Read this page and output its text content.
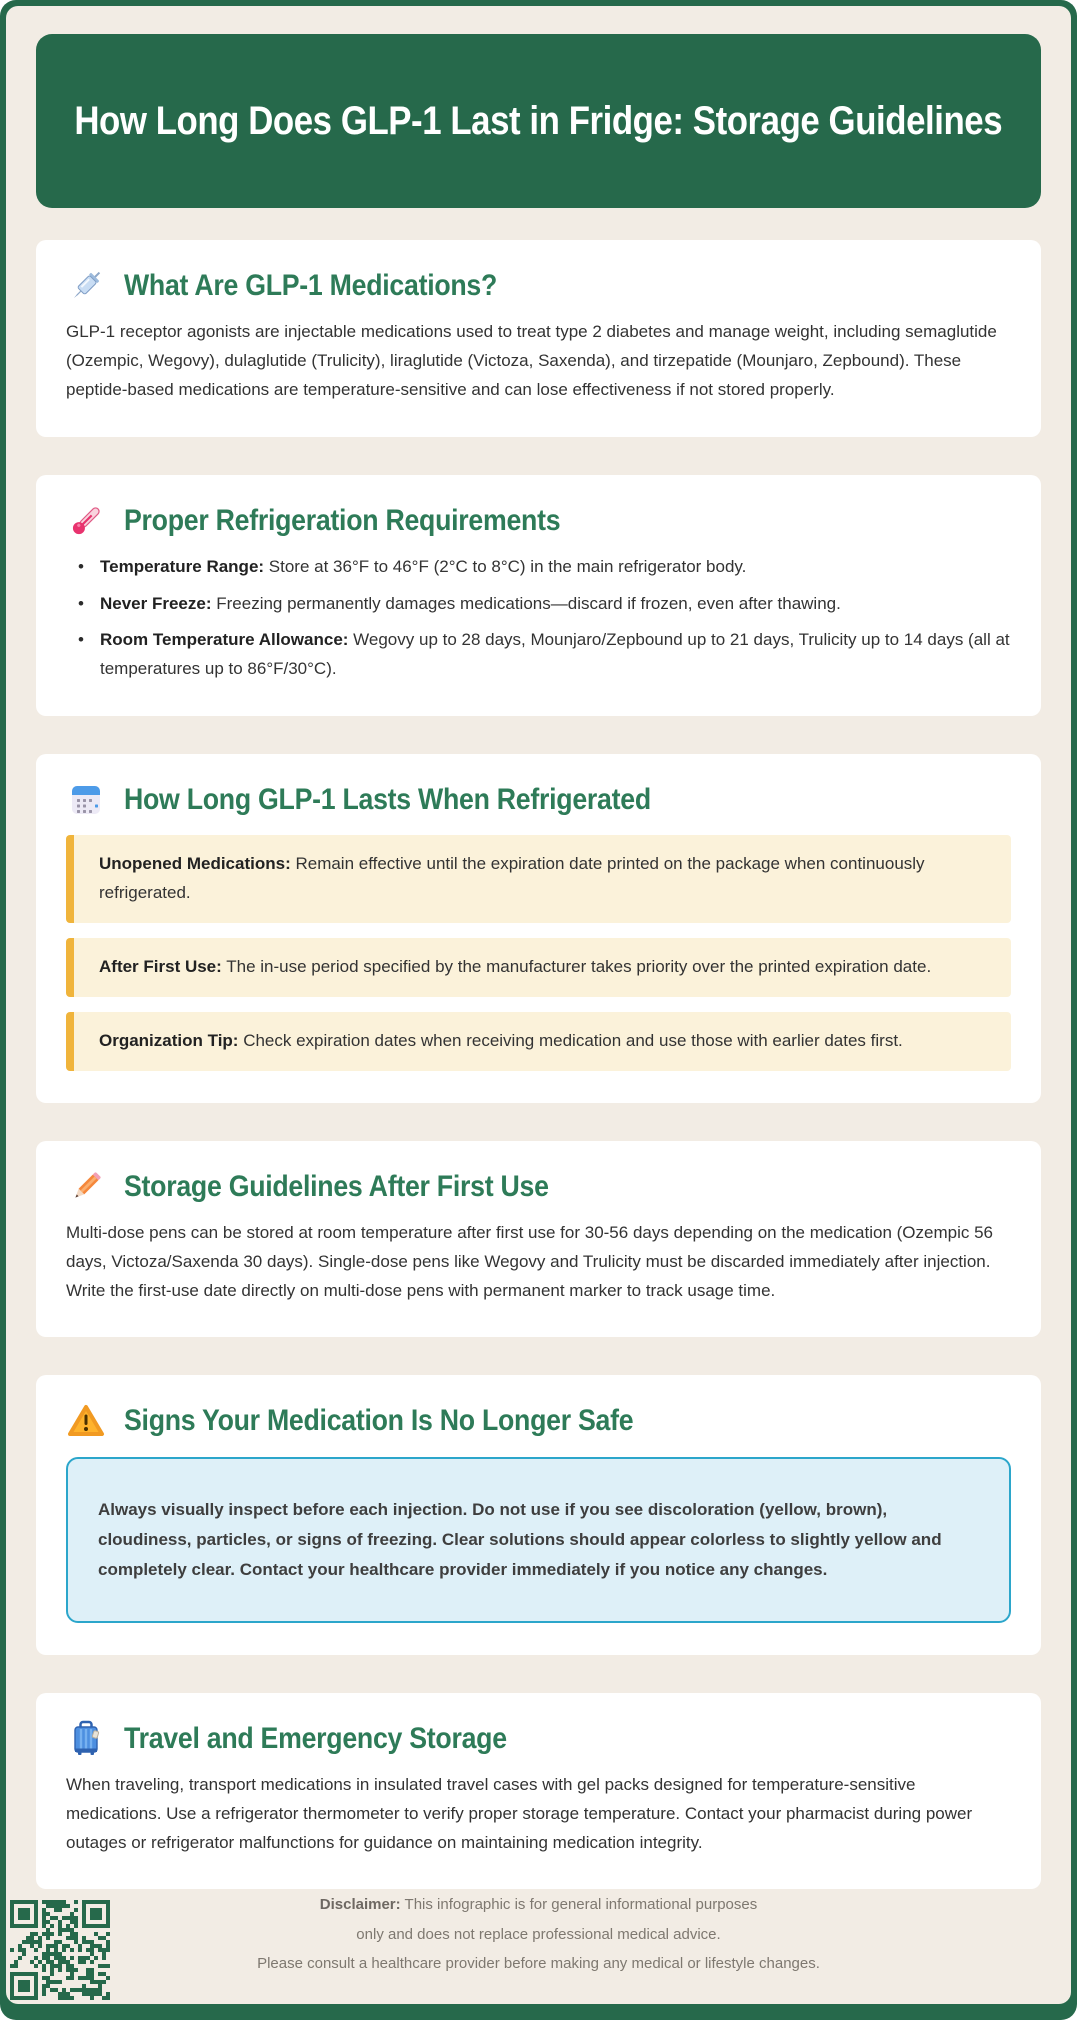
How Long Does GLP-1 Last in Fridge: Storage Guidelines
What Are GLP-1 Medications?

GLP-1 receptor agonists are injectable medications used to treat type 2 diabetes and manage weight, including semaglutide (Ozempic, Wegovy), dulaglutide (Trulicity), liraglutide (Victoza, Saxenda), and tirzepatide (Mounjaro, Zepbound). These peptide-based medications are temperature-sensitive and can lose effectiveness if not stored properly.

Proper Refrigeration Requirements
• Temperature Range: Store at 36°F to 46°F (2°C to 8°C) in the main refrigerator body.
• Never Freeze: Freezing permanently damages medications—discard if frozen, even after thawing.
• Room Temperature Allowance: Wegovy up to 28 days, Mounjaro/Zepbound up to 21 days, Trulicity up to 14 days (all at temperatures up to 86°F/30°C).
How Long GLP-1 Lasts When Refrigerated
Unopened Medications: Remain effective until the expiration date printed on the package when continuously refrigerated.
After First Use: The in-use period specified by the manufacturer takes priority over the printed expiration date.
Organization Tip: Check expiration dates when receiving medication and use those with earlier dates first.
Storage Guidelines After First Use

Multi-dose pens can be stored at room temperature after first use for 30-56 days depending on the medication (Ozempic 56 days, Victoza/Saxenda 30 days). Single-dose pens like Wegovy and Trulicity must be discarded immediately after injection. Write the first-use date directly on multi-dose pens with permanent marker to track usage time.

Signs Your Medication Is No Longer Safe
Always visually inspect before each injection. Do not use if you see discoloration (yellow, brown), cloudiness, particles, or signs of freezing. Clear solutions should appear colorless to slightly yellow and completely clear. Contact your healthcare provider immediately if you notice any changes.
Travel and Emergency Storage

When traveling, transport medications in insulated travel cases with gel packs designed for temperature-sensitive medications. Use a refrigerator thermometer to verify proper storage temperature. Contact your pharmacist during power outages or refrigerator malfunctions for guidance on maintaining medication integrity.

Disclaimer: This infographic is for general informational purposes
only and does not replace professional medical advice.
Please consult a healthcare provider before making any medical or lifestyle changes.
